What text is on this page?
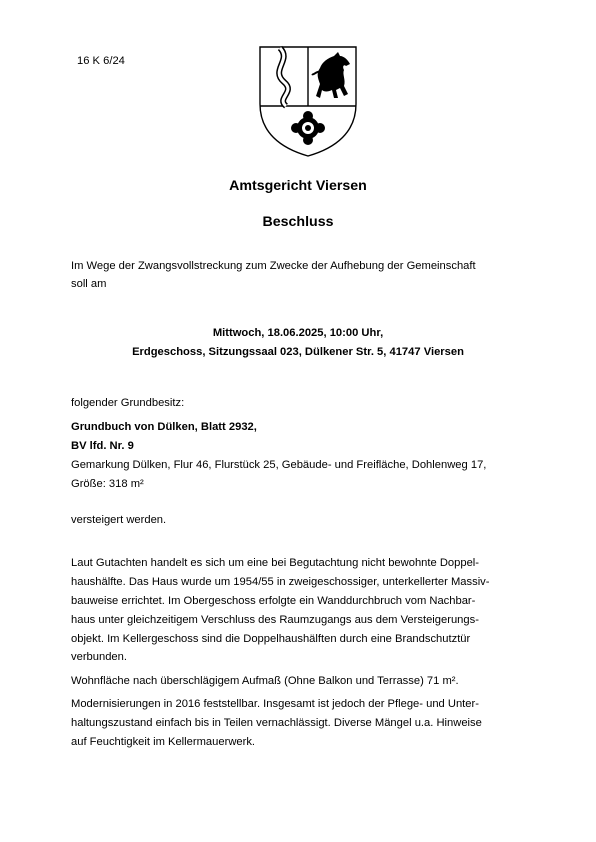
16 K 6/24
Amtsgericht Viersen
Beschluss
Im Wege der Zwangsvollstreckung zum Zwecke der Aufhebung der Gemeinschaft
soll am
Mittwoch, 18.06.2025, 10:00 Uhr,
Erdgeschoss, Sitzungssaal 023, Dülkener Str. 5, 41747 Viersen
folgender Grundbesitz:
Grundbuch von Dülken, Blatt 2932,
BV lfd. Nr. 9
Gemarkung Dülken, Flur 46, Flurstück 25, Gebäude- und Freifläche, Dohlenweg 17,
Größe: 318 m²
versteigert werden.
Laut Gutachten handelt es sich um eine bei Begutachtung nicht bewohnte Doppel-
haushälfte. Das Haus wurde um 1954/55 in zweigeschossiger, unterkellerter Massiv-
bauweise errichtet. Im Obergeschoss erfolgte ein Wanddurchbruch vom Nachbar-
haus unter gleichzeitigem Verschluss des Raumzugangs aus dem Versteigerungs-
objekt. Im Kellergeschoss sind die Doppelhaushälften durch eine Brandschutztür
verbunden.
Wohnfläche nach überschlägigem Aufmaß (Ohne Balkon und Terrasse) 71 m².
Modernisierungen in 2016 feststellbar. Insgesamt ist jedoch der Pflege- und Unter-
haltungszustand einfach bis in Teilen vernachlässigt. Diverse Mängel u.a. Hinweise
auf Feuchtigkeit im Kellermauerwerk.
